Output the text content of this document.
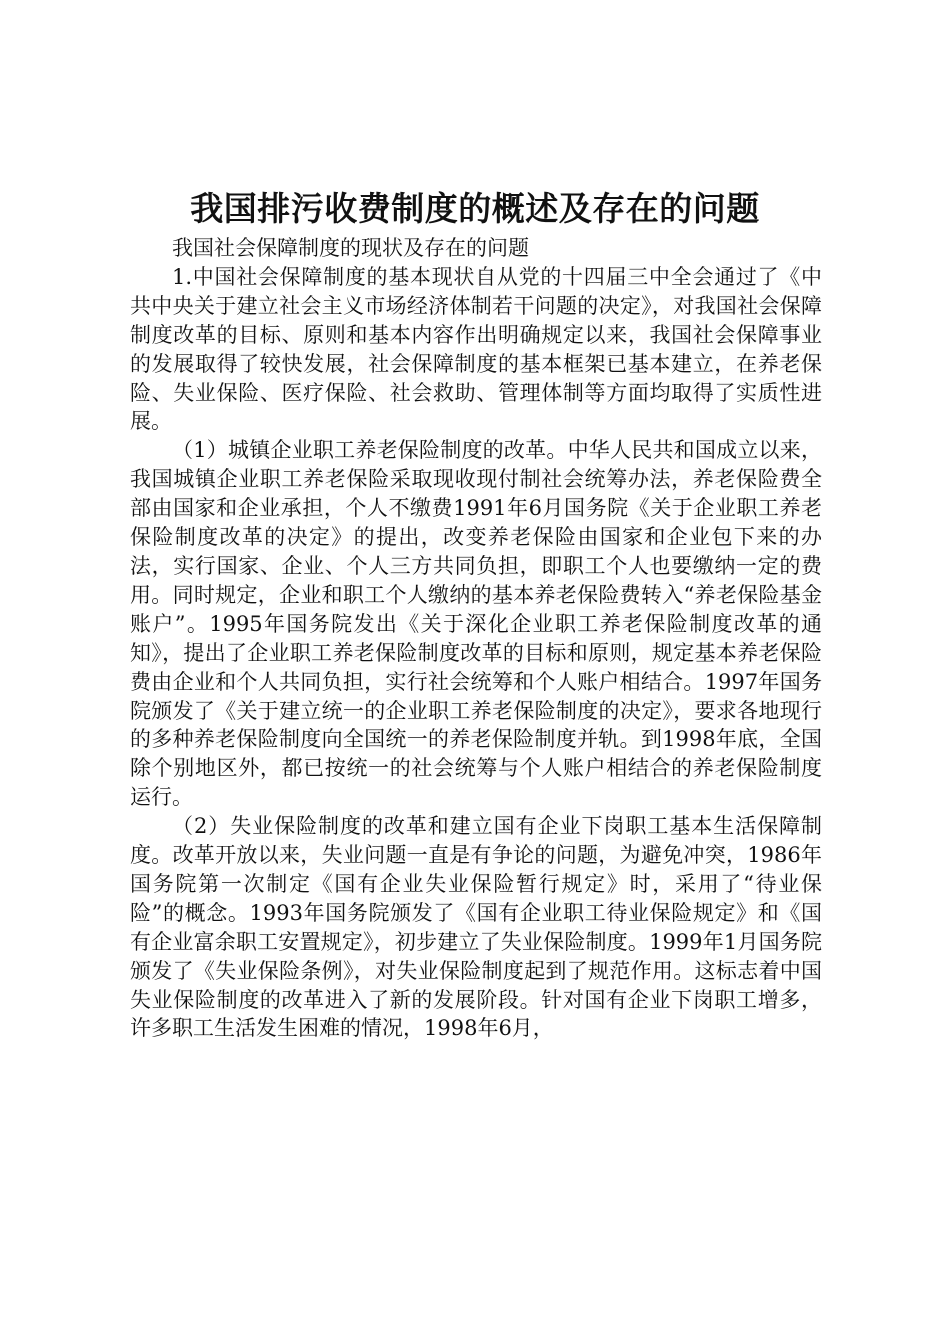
我国排污收费制度的概述及存在的问题

我国社会保障制度的现状及存在的问题

1.中国社会保障制度的基本现状自从党的十四届三中全会通过了《中共中央关于建立社会主义市场经济体制若干问题的决定》，对我国社会保障制度改革的目标、原则和基本内容作出明确规定以来，我国社会保障事业的发展取得了较快发展，社会保障制度的基本框架已基本建立，在养老保险、失业保险、医疗保险、社会救助、管理体制等方面均取得了实质性进展。

（1）城镇企业职工养老保险制度的改革。中华人民共和国成立以来，我国城镇企业职工养老保险采取现收现付制社会统筹办法，养老保险费全部由国家和企业承担，个人不缴费1991年6月国务院《关于企业职工养老保险制度改革的决定》的提出，改变养老保险由国家和企业包下来的办法，实行国家、企业、个人三方共同负担，即职工个人也要缴纳一定的费用。同时规定，企业和职工个人缴纳的基本养老保险费转入“养老保险基金账户”。1995年国务院发出《关于深化企业职工养老保险制度改革的通知》，提出了企业职工养老保险制度改革的目标和原则，规定基本养老保险费由企业和个人共同负担，实行社会统筹和个人账户相结合。1997年国务院颁发了《关于建立统一的企业职工养老保险制度的决定》，要求各地现行的多种养老保险制度向全国统一的养老保险制度并轨。到1998年底，全国除个别地区外，都已按统一的社会统筹与个人账户相结合的养老保险制度运行。

（2）失业保险制度的改革和建立国有企业下岗职工基本生活保障制度。改革开放以来，失业问题一直是有争论的问题，为避免冲突，1986年国务院第一次制定《国有企业失业保险暂行规定》时，采用了“待业保险”的概念。1993年国务院颁发了《国有企业职工待业保险规定》和《国有企业富余职工安置规定》，初步建立了失业保险制度。1999年1月国务院颁发了《失业保险条例》，对失业保险制度起到了规范作用。这标志着中国失业保险制度的改革进入了新的发展阶段。针对国有企业下岗职工增多，许多职工生活发生困难的情况，1998年6月，
